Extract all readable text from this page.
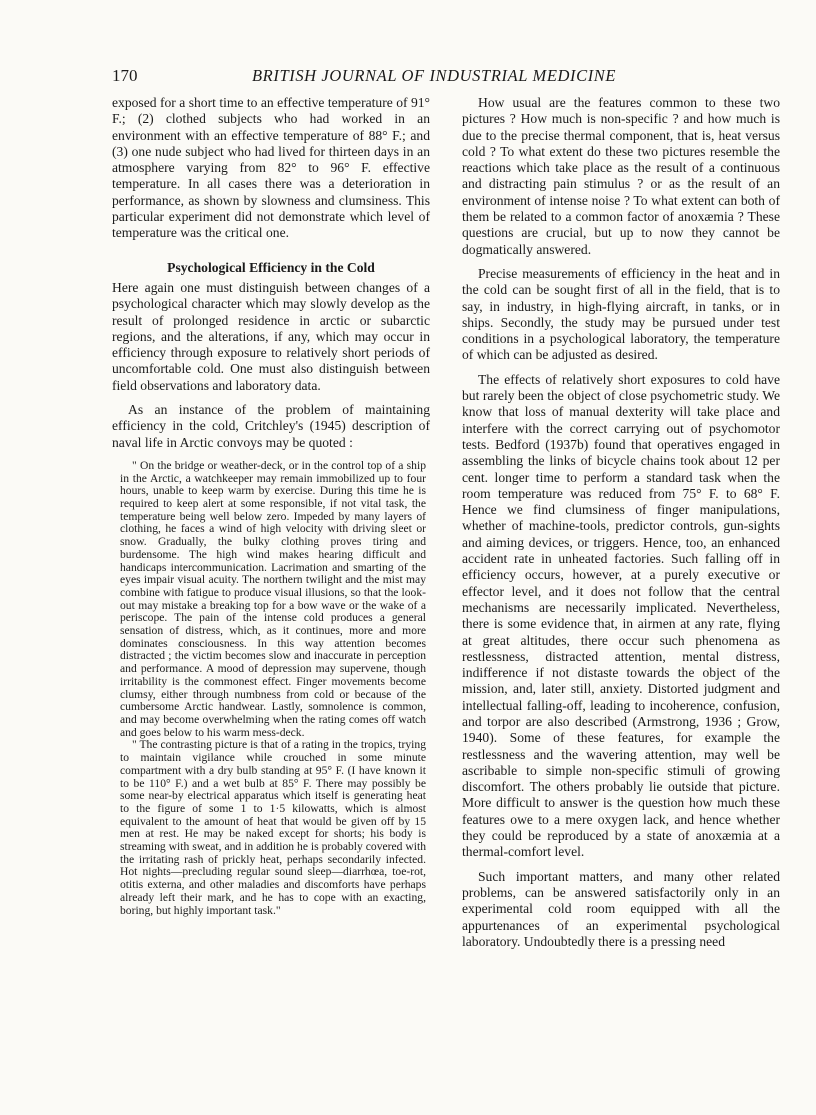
170	BRITISH JOURNAL OF INDUSTRIAL MEDICINE

exposed for a short time to an effective temperature of 91° F.; (2) clothed subjects who had worked in an environment with an effective temperature of 88° F.; and (3) one nude subject who had lived for thirteen days in an atmosphere varying from 82° to 96° F. effective temperature. In all cases there was a deterioration in performance, as shown by slowness and clumsiness. This particular experiment did not demonstrate which level of temperature was the critical one.

Psychological Efficiency in the Cold

Here again one must distinguish between changes of a psychological character which may slowly develop as the result of prolonged residence in arctic or subarctic regions, and the alterations, if any, which may occur in efficiency through exposure to relatively short periods of uncomfortable cold. One must also distinguish between field observations and laboratory data.

As an instance of the problem of maintaining efficiency in the cold, Critchley's (1945) description of naval life in Arctic convoys may be quoted :

" On the bridge or weather-deck, or in the control top of a ship in the Arctic, a watchkeeper may remain immobilized up to four hours, unable to keep warm by exercise. During this time he is required to keep alert at some responsible, if not vital task, the temperature being well below zero. Impeded by many layers of clothing, he faces a wind of high velocity with driving sleet or snow. Gradually, the bulky clothing proves tiring and burdensome. The high wind makes hearing difficult and handicaps intercommunication. Lacrimation and smarting of the eyes impair visual acuity. The northern twilight and the mist may combine with fatigue to produce visual illusions, so that the look-out may mistake a breaking top for a bow wave or the wake of a periscope. The pain of the intense cold produces a general sensation of distress, which, as it continues, more and more dominates consciousness. In this way attention becomes distracted ; the victim becomes slow and inaccurate in perception and performance. A mood of depression may supervene, though irritability is the commonest effect. Finger movements become clumsy, either through numbness from cold or because of the cumbersome Arctic handwear. Lastly, somnolence is common, and may become overwhelming when the rating comes off watch and goes below to his warm mess-deck.

" The contrasting picture is that of a rating in the tropics, trying to maintain vigilance while crouched in some minute compartment with a dry bulb standing at 95° F. (I have known it to be 110° F.) and a wet bulb at 85° F. There may possibly be some near-by electrical apparatus which itself is generating heat to the figure of some 1 to 1·5 kilowatts, which is almost equivalent to the amount of heat that would be given off by 15 men at rest. He may be naked except for shorts; his body is streaming with sweat, and in addition he is probably covered with the irritating rash of prickly heat, perhaps secondarily infected. Hot nights—precluding regular sound sleep—diarrhœa, toe-rot, otitis externa, and other maladies and discomforts have perhaps already left their mark, and he has to cope with an exacting, boring, but highly important task."

How usual are the features common to these two pictures ? How much is non-specific ? and how much is due to the precise thermal component, that is, heat versus cold ? To what extent do these two pictures resemble the reactions which take place as the result of a continuous and distracting pain stimulus ? or as the result of an environment of intense noise ? To what extent can both of them be related to a common factor of anoxæmia ? These questions are crucial, but up to now they cannot be dogmatically answered.

Precise measurements of efficiency in the heat and in the cold can be sought first of all in the field, that is to say, in industry, in high-flying aircraft, in tanks, or in ships. Secondly, the study may be pursued under test conditions in a psychological laboratory, the temperature of which can be adjusted as desired.

The effects of relatively short exposures to cold have but rarely been the object of close psychometric study. We know that loss of manual dexterity will take place and interfere with the correct carrying out of psychomotor tests. Bedford (1937b) found that operatives engaged in assembling the links of bicycle chains took about 12 per cent. longer time to perform a standard task when the room temperature was reduced from 75° F. to 68° F. Hence we find clumsiness of finger manipulations, whether of machine-tools, predictor controls, gun-sights and aiming devices, or triggers. Hence, too, an enhanced accident rate in unheated factories. Such falling off in efficiency occurs, however, at a purely executive or effector level, and it does not follow that the central mechanisms are necessarily implicated. Nevertheless, there is some evidence that, in airmen at any rate, flying at great altitudes, there occur such phenomena as restlessness, distracted attention, mental distress, indifference if not distaste towards the object of the mission, and, later still, anxiety. Distorted judgment and intellectual falling-off, leading to incoherence, confusion, and torpor are also described (Armstrong, 1936 ; Grow, 1940). Some of these features, for example the restlessness and the wavering attention, may well be ascribable to simple non-specific stimuli of growing discomfort. The others probably lie outside that picture. More difficult to answer is the question how much these features owe to a mere oxygen lack, and hence whether they could be reproduced by a state of anoxæmia at a thermal-comfort level.

Such important matters, and many other related problems, can be answered satisfactorily only in an experimental cold room equipped with all the appurtenances of an experimental psychological laboratory. Undoubtedly there is a pressing need
